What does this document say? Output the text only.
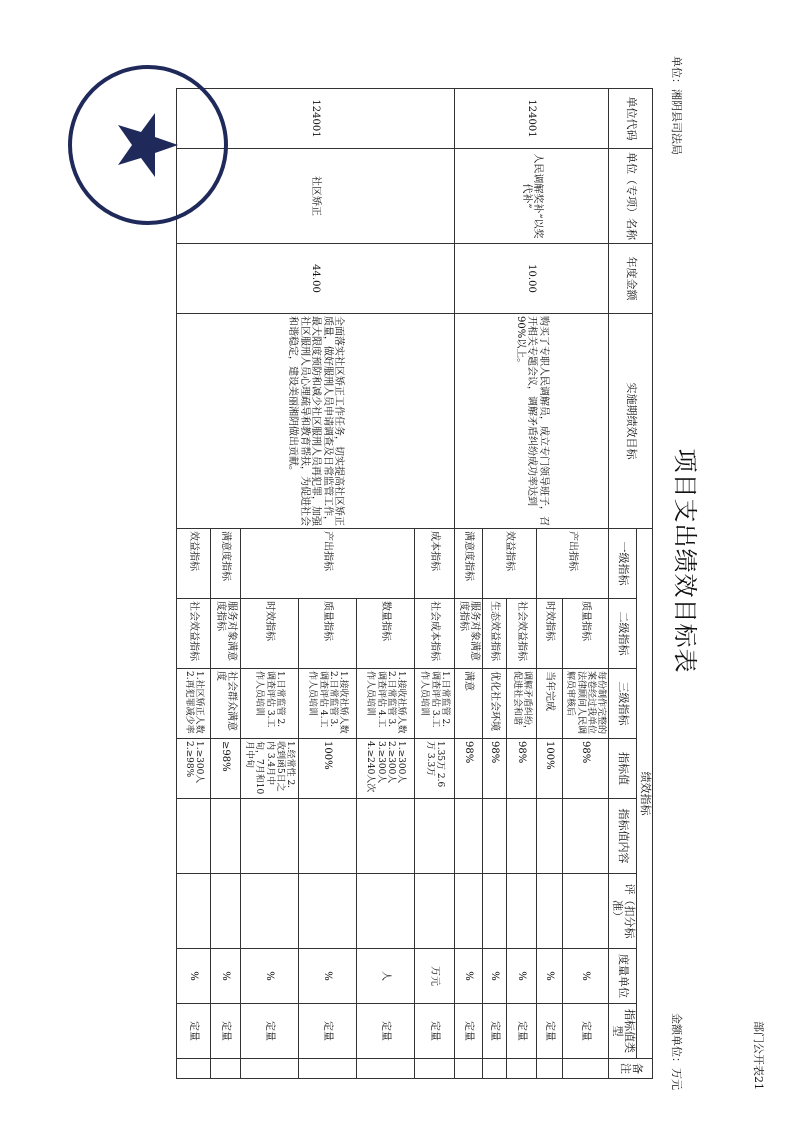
部门公开表21
项目支出绩效目标表
单位：湘阴县司法局
金额单位：万元
单位代码	单位（专项）名称	年度金额	实施期绩效目标	绩效指标								备注
				一级指标	二级指标	三级指标	指标值	指标值内容	评（扣分标准）	度量单位	指标值类型	
124001	人民调解奖补“以奖代补”	10.00	购买了专职人民调解员，成立专门领导班子，召开相关专题会议，调解矛盾纠纷成功率达到90%以上。	产出指标	质量指标	每份制作完整的案卷经过我单位法律顾问人民调解员审核后	98%			%	定量	
					时效指标	当年完成	100%			%	定量	
				效益指标	社会效益指标	调解矛盾纠纷，促进社会和谐	98%			%	定量	
					生态效益指标	优化社会环境	98%			%	定量	
				满意度指标	服务对象满意度指标	满意	98%			%	定量	
124001	社区矫正	44.00	全面落实社区矫正工作任务，切实提高社区矫正质量，做好服刑人员申请调查及日常监管工作，最大限度预防和减少社区服刑人员再犯罪，加强社区服刑人员心理疏导和教育帮扶，为促进社会和谐稳定，建设美丽湘阴做出贡献。	成本指标	社会成本指标	1.日常监管 2.调查评估 3.工作人员培训	1.35万 2.6万 3.3万			万元	定量	
				产出指标	数量指标	1.接收社矫人数 2.日常监管 3.调查评估 4.工作人员培训	1.≥300人 2.≥300人 3.≥300人 4.≥240人次			人	定量	
					质量指标	1.接收社矫人数 2.日常监管 3.调查评估 4.工作人员培训	100%			%	定量	
					时效指标	1.日常监管 2.调查评估 3.工作人员培训	1.经常性 2.收到函5日之内 3.4月中旬，7月和10月中旬			%	定量	
				满意度指标	服务对象满意度指标	社会群众满意度	≥98%			%	定量	
				效益指标	社会效益指标	1.社区矫正人数 2.再犯罪减少率	1.≥300人 2.≥98%			%	定量	
